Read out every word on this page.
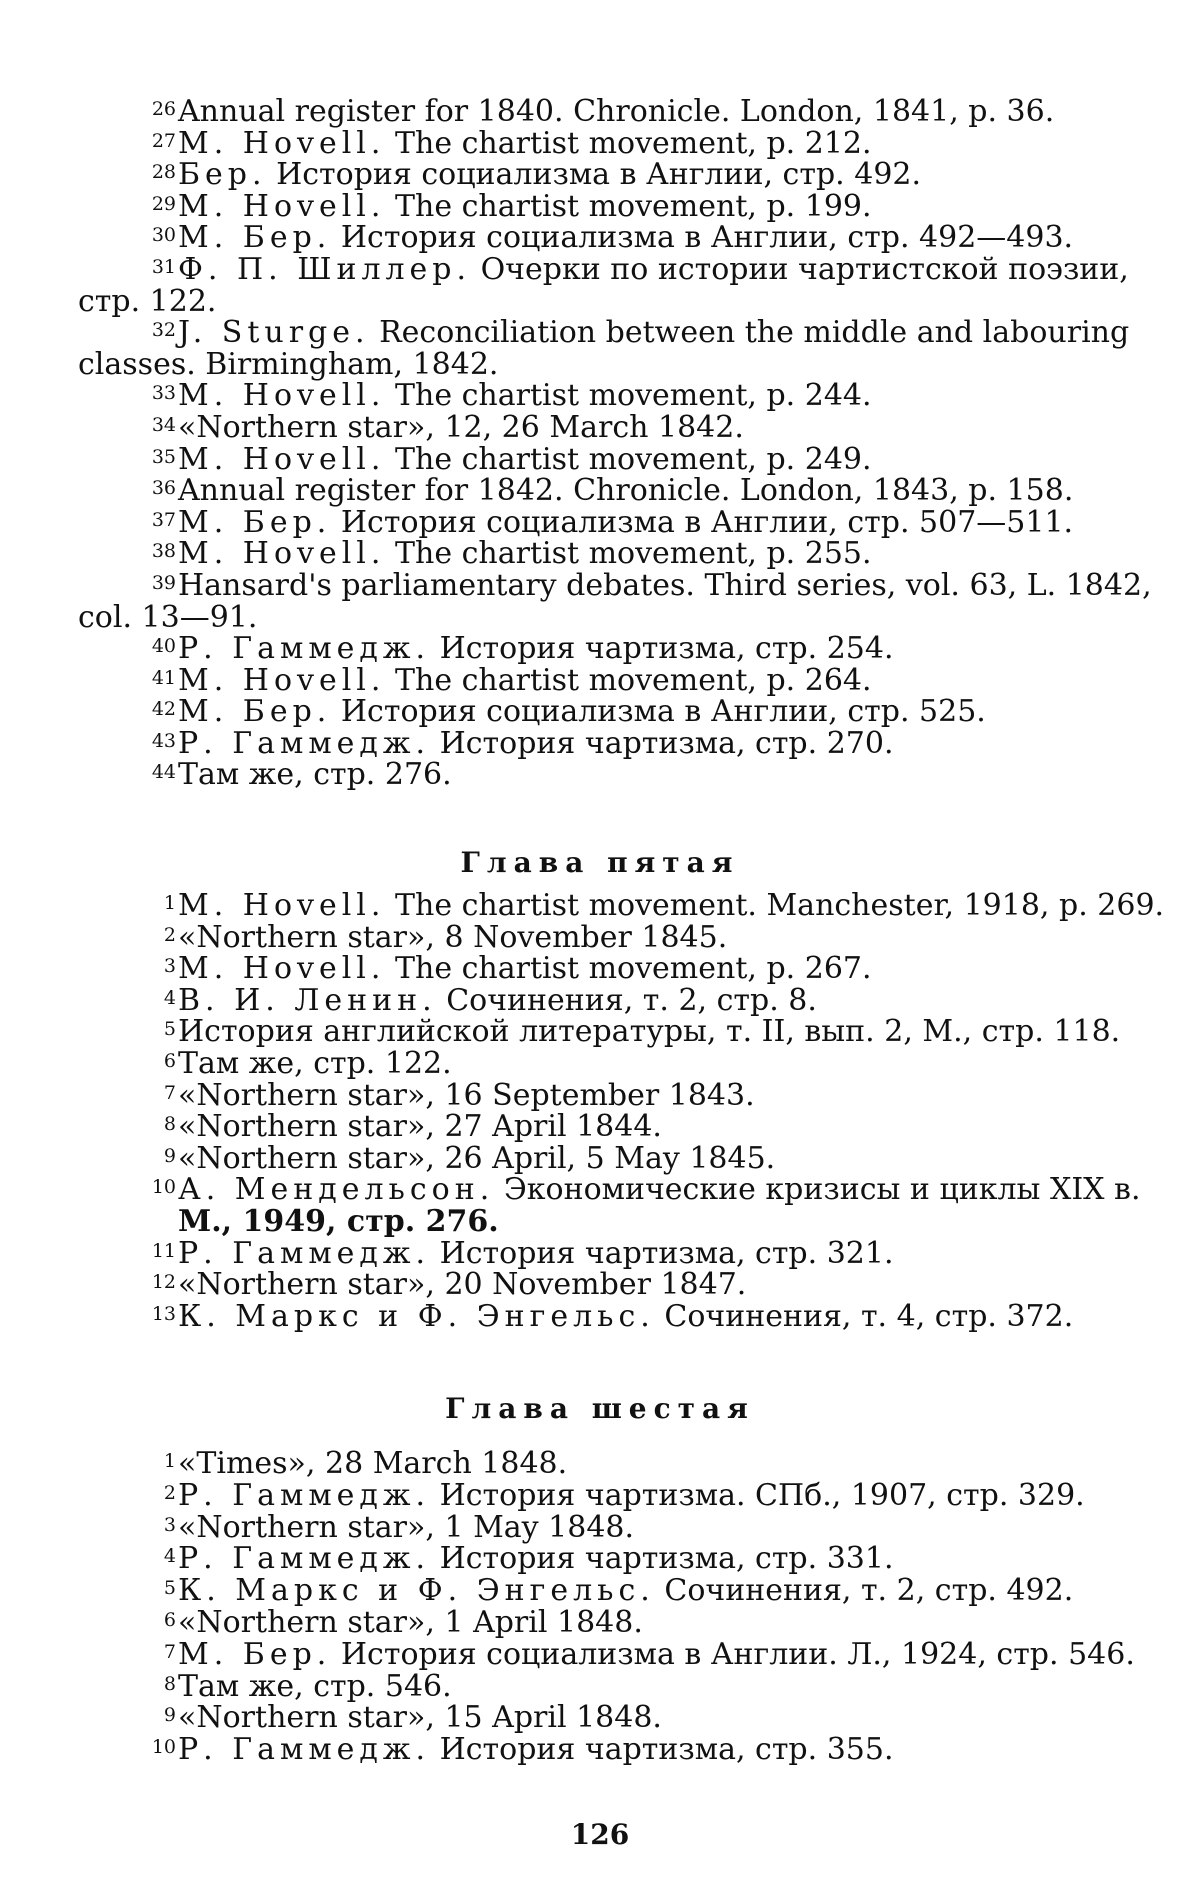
26 Annual register for 1840. Chronicle. London, 1841, p. 36.
27 M. Hovell. The chartist movement, p. 212.
28 Бер. История социализма в Англии, стр. 492.
29 M. Hovell. The chartist movement, p. 199.
30 М. Бер. История социализма в Англии, стр. 492—493.
31 Ф. П. Шиллер. Очерки по истории чартистской поэзии,
стр. 122.
32 J. Sturge. Reconciliation between the middle and labouring
classes. Birmingham, 1842.
33 M. Hovell. The chartist movement, p. 244.
34 «Northern star», 12, 26 March 1842.
35 M. Hovell. The chartist movement, p. 249.
36 Annual register for 1842. Chronicle. London, 1843, p. 158.
37 М. Бер. История социализма в Англии, стр. 507—511.
38 M. Hovell. The chartist movement, p. 255.
39 Hansard's parliamentary debates. Third series, vol. 63, L. 1842,
col. 13—91.
40 Р. Гаммедж. История чартизма, стр. 254.
41 M. Hovell. The chartist movement, p. 264.
42 М. Бер. История социализма в Англии, стр. 525.
43 Р. Гаммедж. История чартизма, стр. 270.
44 Там же, стр. 276.
Глава пятая
1 M. Hovell. The chartist movement. Manchester, 1918, p. 269.
2 «Northern star», 8 November 1845.
3 M. Hovell. The chartist movement, p. 267.
4 В. И. Ленин. Сочинения, т. 2, стр. 8.
5 История английской литературы, т. II, вып. 2, М., стр. 118.
6 Там же, стр. 122.
7 «Northern star», 16 September 1843.
8 «Northern star», 27 April 1844.
9 «Northern star», 26 April, 5 May 1845.
10 А. Мендельсон. Экономические кризисы и циклы XIX в.
М., 1949, стр. 276.
11 Р. Гаммедж. История чартизма, стр. 321.
12 «Northern star», 20 November 1847.
13 К. Маркс и Ф. Энгельс. Сочинения, т. 4, стр. 372.
Глава шестая
1 «Times», 28 March 1848.
2 Р. Гаммедж. История чартизма. СПб., 1907, стр. 329.
3 «Northern star», 1 May 1848.
4 Р. Гаммедж. История чартизма, стр. 331.
5 К. Маркс и Ф. Энгельс. Сочинения, т. 2, стр. 492.
6 «Northern star», 1 April 1848.
7 М. Бер. История социализма в Англии. Л., 1924, стр. 546.
8 Там же, стр. 546.
9 «Northern star», 15 April 1848.
10 Р. Гаммедж. История чартизма, стр. 355.
126
